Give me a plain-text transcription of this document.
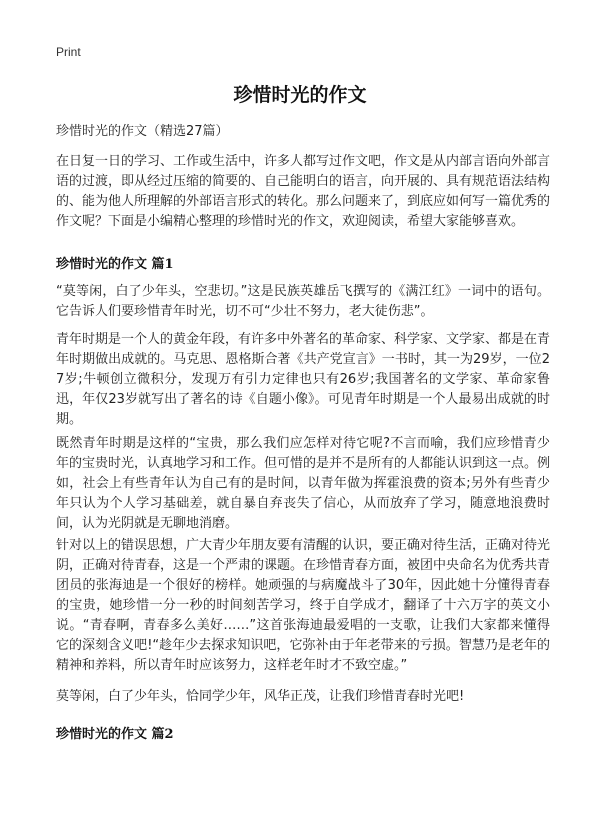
Print
珍惜时光的作文
珍惜时光的作文（精选27篇）
在日复一日的学习、工作或生活中，许多人都写过作文吧，作文是从内部言语向外部言语的过渡，即从经过压缩的简要的、自己能明白的语言，向开展的、具有规范语法结构的、能为他人所理解的外部语言形式的转化。那么问题来了，到底应如何写一篇优秀的作文呢？下面是小编精心整理的珍惜时光的作文，欢迎阅读，希望大家能够喜欢。
珍惜时光的作文 篇1
“莫等闲，白了少年头，空悲切。”这是民族英雄岳飞撰写的《满江红》一词中的语句。它告诉人们要珍惜青年时光，切不可“少壮不努力，老大徒伤悲”。
青年时期是一个人的黄金年段，有许多中外著名的革命家、科学家、文学家、都是在青年时期做出成就的。马克思、恩格斯合著《共产党宣言》一书时，其一为29岁，一位27岁;牛顿创立微积分，发现万有引力定律也只有26岁;我国著名的文学家、革命家鲁迅，年仅23岁就写出了著名的诗《自题小像》。可见青年时期是一个人最易出成就的时期。
既然青年时期是这样的“宝贵，那么我们应怎样对待它呢?不言而喻，我们应珍惜青少年的宝贵时光，认真地学习和工作。但可惜的是并不是所有的人都能认识到这一点。例如，社会上有些青年认为自己有的是时间，以青年做为挥霍浪费的资本;另外有些青少年只认为个人学习基础差，就自暴自弃丧失了信心，从而放弃了学习，随意地浪费时间，认为光阴就是无聊地消磨。
针对以上的错误思想，广大青少年朋友要有清醒的认识，要正确对待生活，正确对待光阴，正确对待青春，这是一个严肃的课题。在珍惜青春方面，被团中央命名为优秀共青团员的张海迪是一个很好的榜样。她顽强的与病魔战斗了30年，因此她十分懂得青春的宝贵，她珍惜一分一秒的时间刻苦学习，终于自学成才，翻译了十六万字的英文小说。“青春啊，青春多么美好……”这首张海迪最爱唱的一支歌，让我们大家都来懂得它的深刻含义吧!“趁年少去探求知识吧，它弥补由于年老带来的亏损。智慧乃是老年的精神和养料，所以青年时应该努力，这样老年时才不致空虚。”
莫等闲，白了少年头，恰同学少年，风华正茂，让我们珍惜青春时光吧!
珍惜时光的作文 篇2
